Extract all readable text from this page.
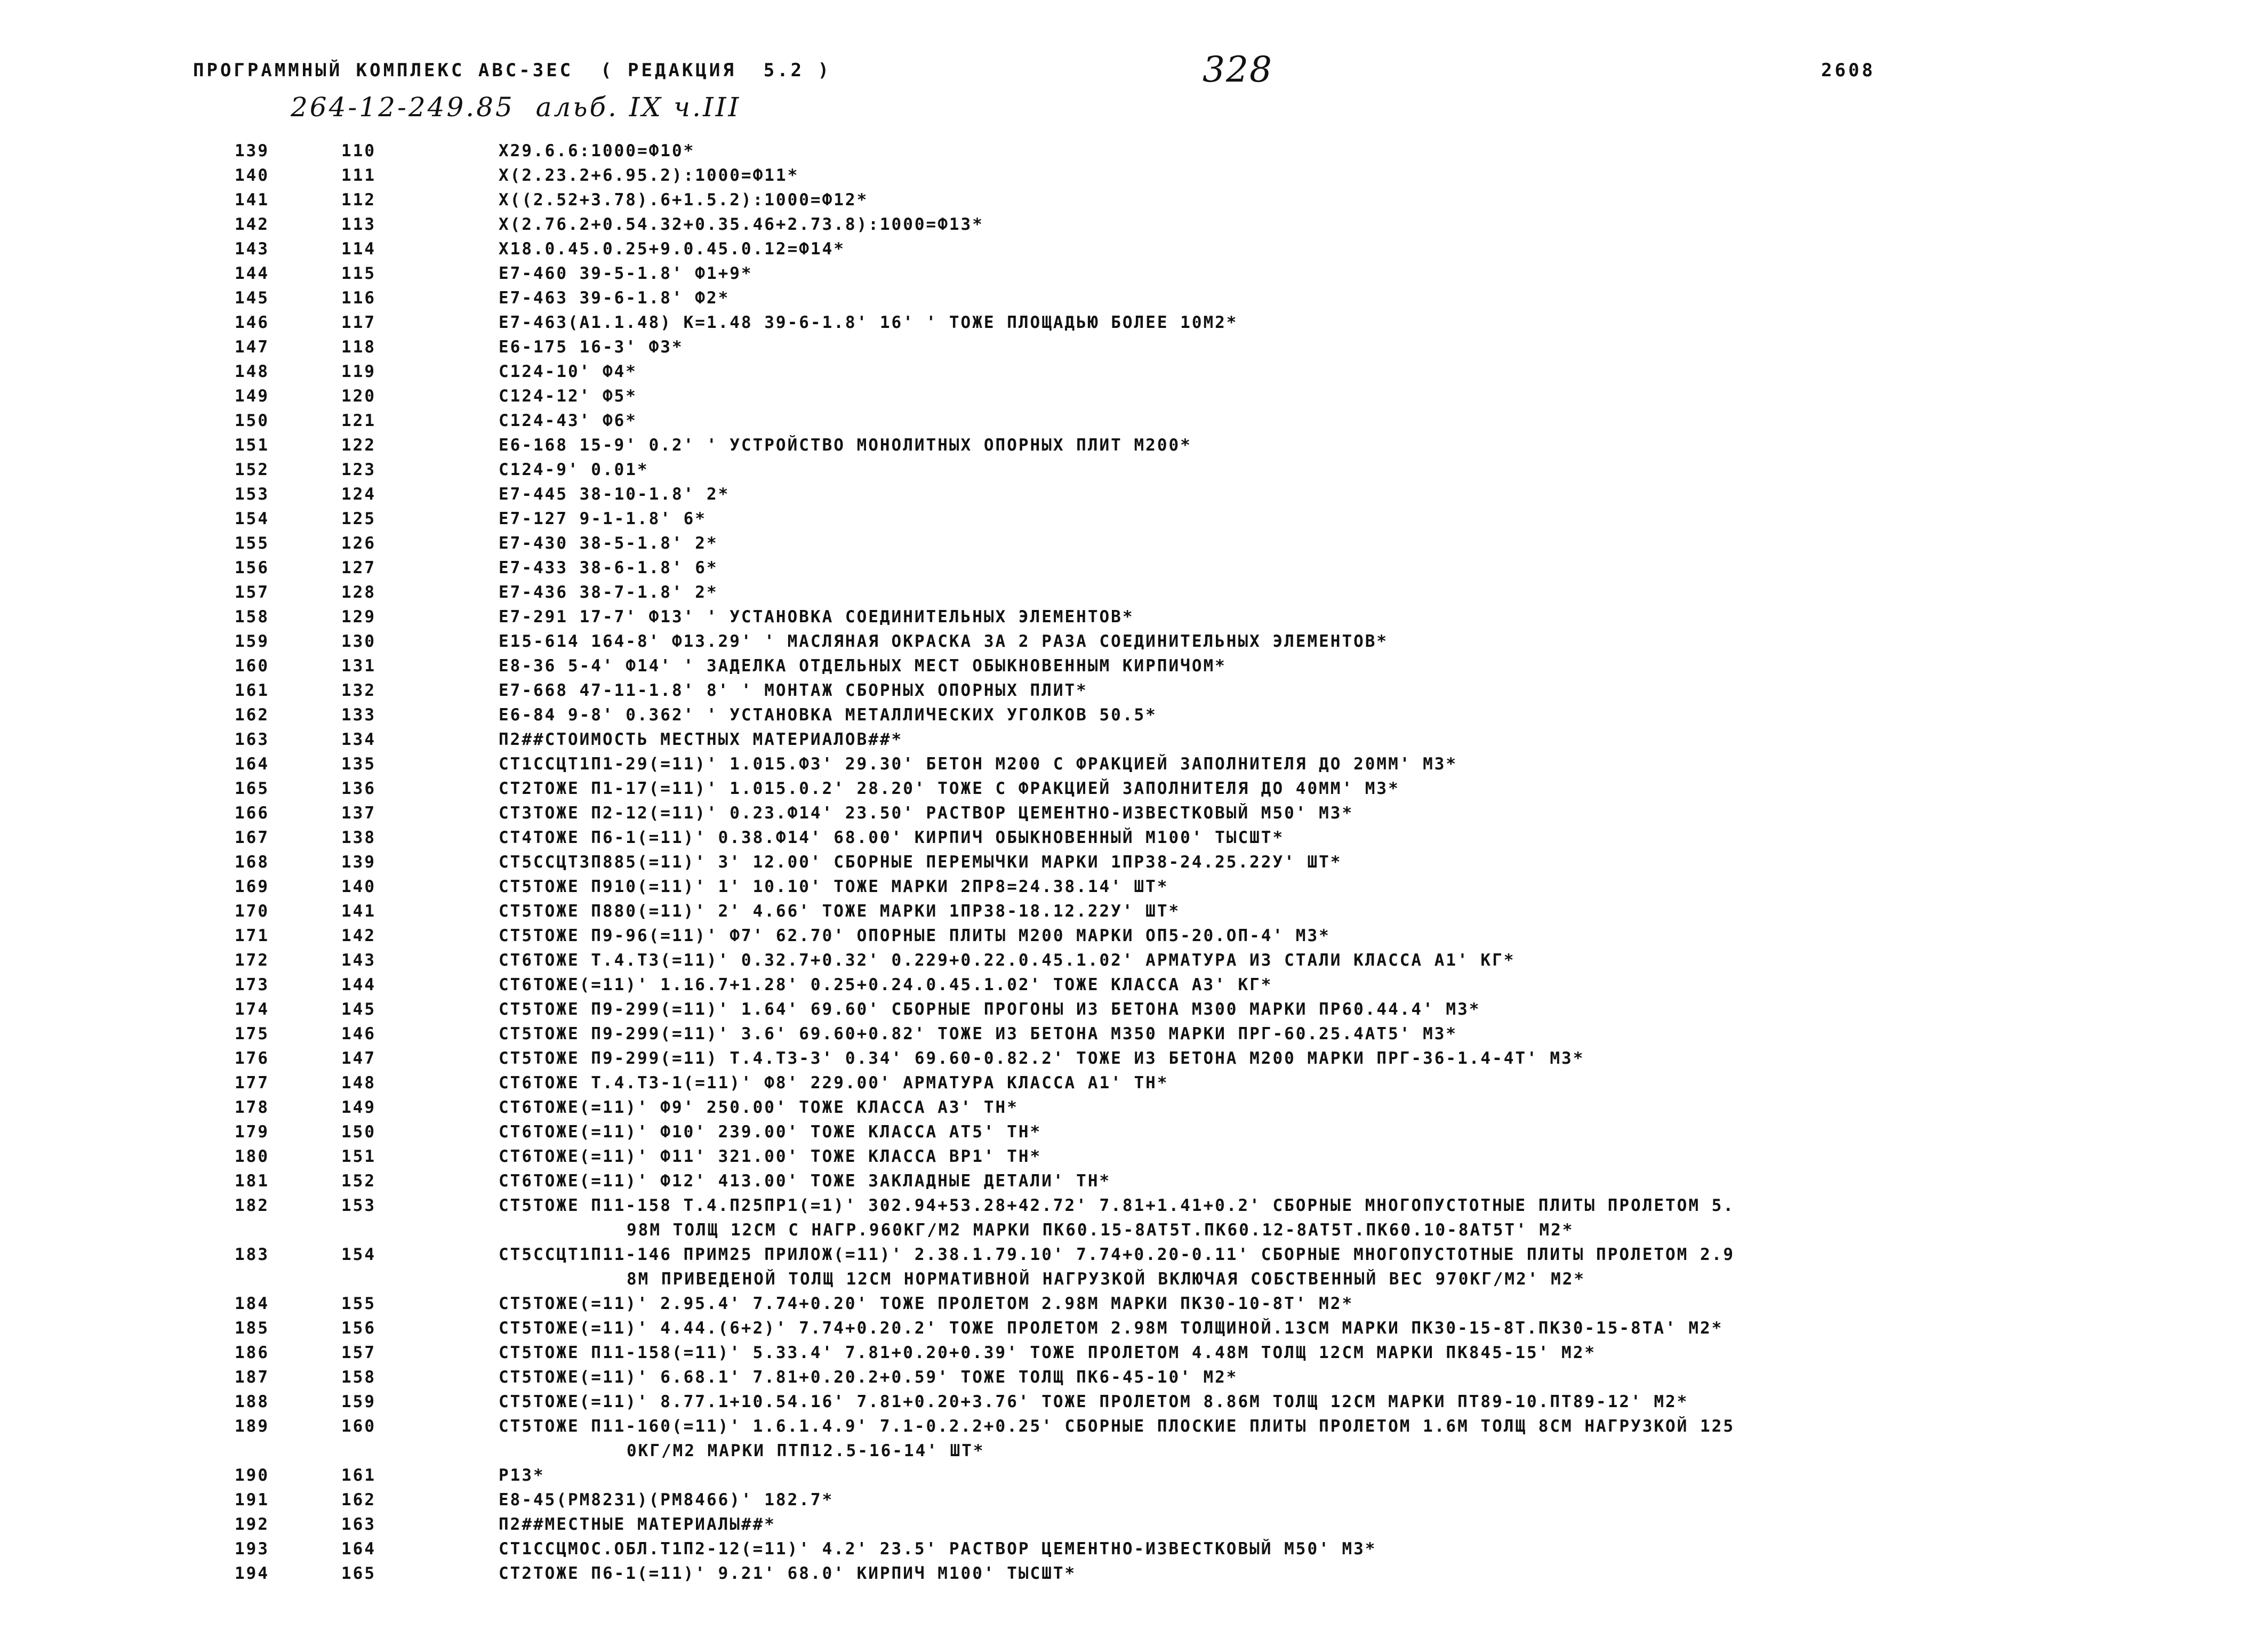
ПРОГРАММНЫЙ КОМПЛЕКС АВС-3ЕС  ( РЕДАКЦИЯ  5.2 )	328	2608
264-12-249.85  альб. IX ч.III
139	110	X29.6.6:1000=Ф10*
140	111	X(2.23.2+6.95.2):1000=Ф11*
141	112	X((2.52+3.78).6+1.5.2):1000=Ф12*
142	113	X(2.76.2+0.54.32+0.35.46+2.73.8):1000=Ф13*
143	114	X18.0.45.0.25+9.0.45.0.12=Ф14*
144	115	Е7-460 39-5-1.8' Ф1+9*
145	116	Е7-463 39-6-1.8' Ф2*
146	117	Е7-463(А1.1.48) К=1.48 39-6-1.8' 16' ' ТОЖЕ ПЛОЩАДЬЮ БОЛЕЕ 10М2*
147	118	Е6-175 16-3' Ф3*
148	119	С124-10' Ф4*
149	120	С124-12' Ф5*
150	121	С124-43' Ф6*
151	122	Е6-168 15-9' 0.2' ' УСТРОЙСТВО МОНОЛИТНЫХ ОПОРНЫХ ПЛИТ М200*
152	123	С124-9' 0.01*
153	124	Е7-445 38-10-1.8' 2*
154	125	Е7-127 9-1-1.8' 6*
155	126	Е7-430 38-5-1.8' 2*
156	127	Е7-433 38-6-1.8' 6*
157	128	Е7-436 38-7-1.8' 2*
158	129	Е7-291 17-7' Ф13' ' УСТАНОВКА СОЕДИНИТЕЛЬНЫХ ЭЛЕМЕНТОВ*
159	130	Е15-614 164-8' Ф13.29' ' МАСЛЯНАЯ ОКРАСКА ЗА 2 РАЗА СОЕДИНИТЕЛЬНЫХ ЭЛЕМЕНТОВ*
160	131	Е8-36 5-4' Ф14' ' ЗАДЕЛКА ОТДЕЛЬНЫХ МЕСТ ОБЫКНОВЕННЫМ КИРПИЧОМ*
161	132	Е7-668 47-11-1.8' 8' ' МОНТАЖ СБОРНЫХ ОПОРНЫХ ПЛИТ*
162	133	Е6-84 9-8' 0.362' ' УСТАНОВКА МЕТАЛЛИЧЕСКИХ УГОЛКОВ 50.5*
163	134	П2##СТОИМОСТЬ МЕСТНЫХ МАТЕРИАЛОВ##*
164	135	СТ1ССЦТ1П1-29(=11)' 1.015.Ф3' 29.30' БЕТОН М200 С ФРАКЦИЕЙ ЗАПОЛНИТЕЛЯ ДО 20ММ' М3*
165	136	СТ2ТОЖЕ П1-17(=11)' 1.015.0.2' 28.20' ТОЖЕ С ФРАКЦИЕЙ ЗАПОЛНИТЕЛЯ ДО 40ММ' М3*
166	137	СТ3ТОЖЕ П2-12(=11)' 0.23.Ф14' 23.50' РАСТВОР ЦЕМЕНТНО-ИЗВЕСТКОВЫЙ М50' М3*
167	138	СТ4ТОЖЕ П6-1(=11)' 0.38.Ф14' 68.00' КИРПИЧ ОБЫКНОВЕННЫЙ М100' ТЫСШТ*
168	139	СТ5ССЦТ3П885(=11)' 3' 12.00' СБОРНЫЕ ПЕРЕМЫЧКИ МАРКИ 1ПР38-24.25.22У' ШТ*
169	140	СТ5ТОЖЕ П910(=11)' 1' 10.10' ТОЖЕ МАРКИ 2ПР8=24.38.14' ШТ*
170	141	СТ5ТОЖЕ П880(=11)' 2' 4.66' ТОЖЕ МАРКИ 1ПР38-18.12.22У' ШТ*
171	142	СТ5ТОЖЕ П9-96(=11)' Ф7' 62.70' ОПОРНЫЕ ПЛИТЫ М200 МАРКИ ОП5-20.ОП-4' М3*
172	143	СТ6ТОЖЕ Т.4.Т3(=11)' 0.32.7+0.32' 0.229+0.22.0.45.1.02' АРМАТУРА ИЗ СТАЛИ КЛАССА А1' КГ*
173	144	СТ6ТОЖЕ(=11)' 1.16.7+1.28' 0.25+0.24.0.45.1.02' ТОЖЕ КЛАССА А3' КГ*
174	145	СТ5ТОЖЕ П9-299(=11)' 1.64' 69.60' СБОРНЫЕ ПРОГОНЫ ИЗ БЕТОНА М300 МАРКИ ПР60.44.4' М3*
175	146	СТ5ТОЖЕ П9-299(=11)' 3.6' 69.60+0.82' ТОЖЕ ИЗ БЕТОНА М350 МАРКИ ПРГ-60.25.4АТ5' М3*
176	147	СТ5ТОЖЕ П9-299(=11) Т.4.Т3-3' 0.34' 69.60-0.82.2' ТОЖЕ ИЗ БЕТОНА М200 МАРКИ ПРГ-36-1.4-4Т' М3*
177	148	СТ6ТОЖЕ Т.4.Т3-1(=11)' Ф8' 229.00' АРМАТУРА КЛАССА А1' ТН*
178	149	СТ6ТОЖЕ(=11)' Ф9' 250.00' ТОЖЕ КЛАССА А3' ТН*
179	150	СТ6ТОЖЕ(=11)' Ф10' 239.00' ТОЖЕ КЛАССА АТ5' ТН*
180	151	СТ6ТОЖЕ(=11)' Ф11' 321.00' ТОЖЕ КЛАССА ВР1' ТН*
181	152	СТ6ТОЖЕ(=11)' Ф12' 413.00' ТОЖЕ ЗАКЛАДНЫЕ ДЕТАЛИ' ТН*
182	153	СТ5ТОЖЕ П11-158 Т.4.П25ПР1(=1)' 302.94+53.28+42.72' 7.81+1.41+0.2' СБОРНЫЕ МНОГОПУСТОТНЫЕ ПЛИТЫ ПРОЛЕТОМ 5.
98М ТОЛЩ 12СМ С НАГР.960КГ/М2 МАРКИ ПК60.15-8АТ5Т.ПК60.12-8АТ5Т.ПК60.10-8АТ5Т' М2*
183	154	СТ5ССЦТ1П11-146 ПРИМ25 ПРИЛОЖ(=11)' 2.38.1.79.10' 7.74+0.20-0.11' СБОРНЫЕ МНОГОПУСТОТНЫЕ ПЛИТЫ ПРОЛЕТОМ 2.9
8М ПРИВЕДЕНОЙ ТОЛЩ 12СМ НОРМАТИВНОЙ НАГРУЗКОЙ ВКЛЮЧАЯ СОБСТВЕННЫЙ ВЕС 970КГ/М2' М2*
184	155	СТ5ТОЖЕ(=11)' 2.95.4' 7.74+0.20' ТОЖЕ ПРОЛЕТОМ 2.98М МАРКИ ПК30-10-8Т' М2*
185	156	СТ5ТОЖЕ(=11)' 4.44.(6+2)' 7.74+0.20.2' ТОЖЕ ПРОЛЕТОМ 2.98М ТОЛЩИНОЙ.13СМ МАРКИ ПК30-15-8Т.ПК30-15-8ТА' М2*
186	157	СТ5ТОЖЕ П11-158(=11)' 5.33.4' 7.81+0.20+0.39' ТОЖЕ ПРОЛЕТОМ 4.48М ТОЛЩ 12СМ МАРКИ ПК845-15' М2*
187	158	СТ5ТОЖЕ(=11)' 6.68.1' 7.81+0.20.2+0.59' ТОЖЕ ТОЛЩ ПК6-45-10' М2*
188	159	СТ5ТОЖЕ(=11)' 8.77.1+10.54.16' 7.81+0.20+3.76' ТОЖЕ ПРОЛЕТОМ 8.86М ТОЛЩ 12СМ МАРКИ ПТ89-10.ПТ89-12' М2*
189	160	СТ5ТОЖЕ П11-160(=11)' 1.6.1.4.9' 7.1-0.2.2+0.25' СБОРНЫЕ ПЛОСКИЕ ПЛИТЫ ПРОЛЕТОМ 1.6М ТОЛЩ 8СМ НАГРУЗКОЙ 125
0КГ/М2 МАРКИ ПТП12.5-16-14' ШТ*
190	161	Р13*
191	162	Е8-45(РМ8231)(РМ8466)' 182.7*
192	163	П2##МЕСТНЫЕ МАТЕРИАЛЫ##*
193	164	СТ1ССЦМОС.ОБЛ.Т1П2-12(=11)' 4.2' 23.5' РАСТВОР ЦЕМЕНТНО-ИЗВЕСТКОВЫЙ М50' М3*
194	165	СТ2ТОЖЕ П6-1(=11)' 9.21' 68.0' КИРПИЧ М100' ТЫСШТ*
